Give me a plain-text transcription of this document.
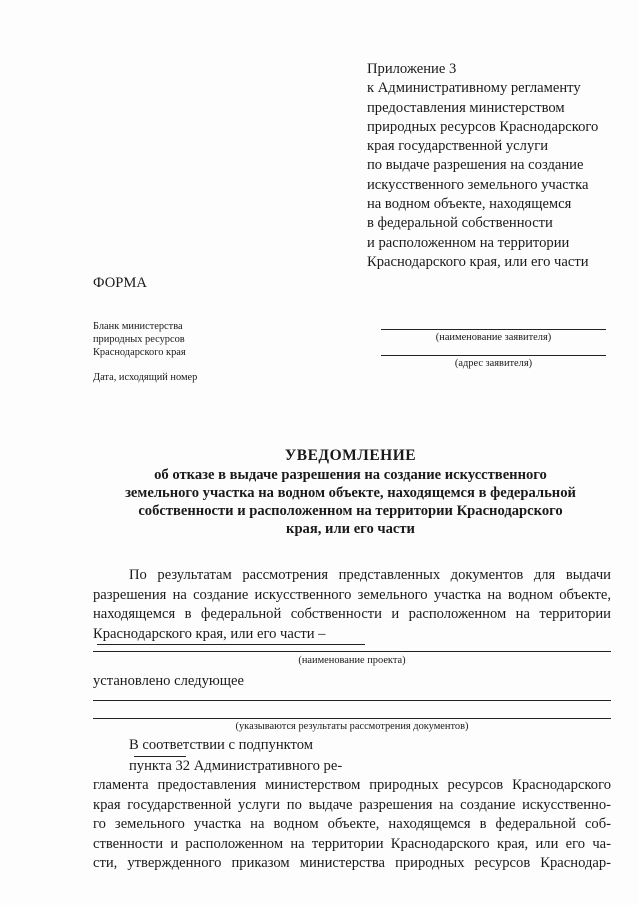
Приложение 3
к Административному регламенту
предоставления министерством
природных ресурсов Краснодарского
края государственной услуги
по выдаче разрешения на создание
искусственного земельного участка
на водном объекте, находящемся
в федеральной собственности
и расположенном на территории
Краснодарского края, или его части
ФОРМА
Бланк министерства
природных ресурсов
Краснодарского края
Дата, исходящий номер
(наименование заявителя)
(адрес заявителя)
УВЕДОМЛЕНИЕ
об отказе в выдаче разрешения на создание искусственного
земельного участка на водном объекте, находящемся в федеральной
собственности и расположенном на территории Краснодарского
края, или его части
По результатам рассмотрения представленных документов для выдачи
разрешения на создание искусственного земельного участка на водном объекте,
находящемся в федеральной собственности и расположенном на территории
Краснодарского края, или его части –
(наименование проекта)
установлено следующее
(указываются результаты рассмотрения документов)
В соответствии с подпунктом
пункта 32 Административного ре-
гламента предоставления министерством природных ресурсов Краснодарского
края государственной услуги по выдаче разрешения на создание искусственно-
го земельного участка на водном объекте, находящемся в федеральной соб-
ственности и расположенном на территории Краснодарского края, или его ча-
сти, утвержденного приказом министерства природных ресурсов Краснодар-
